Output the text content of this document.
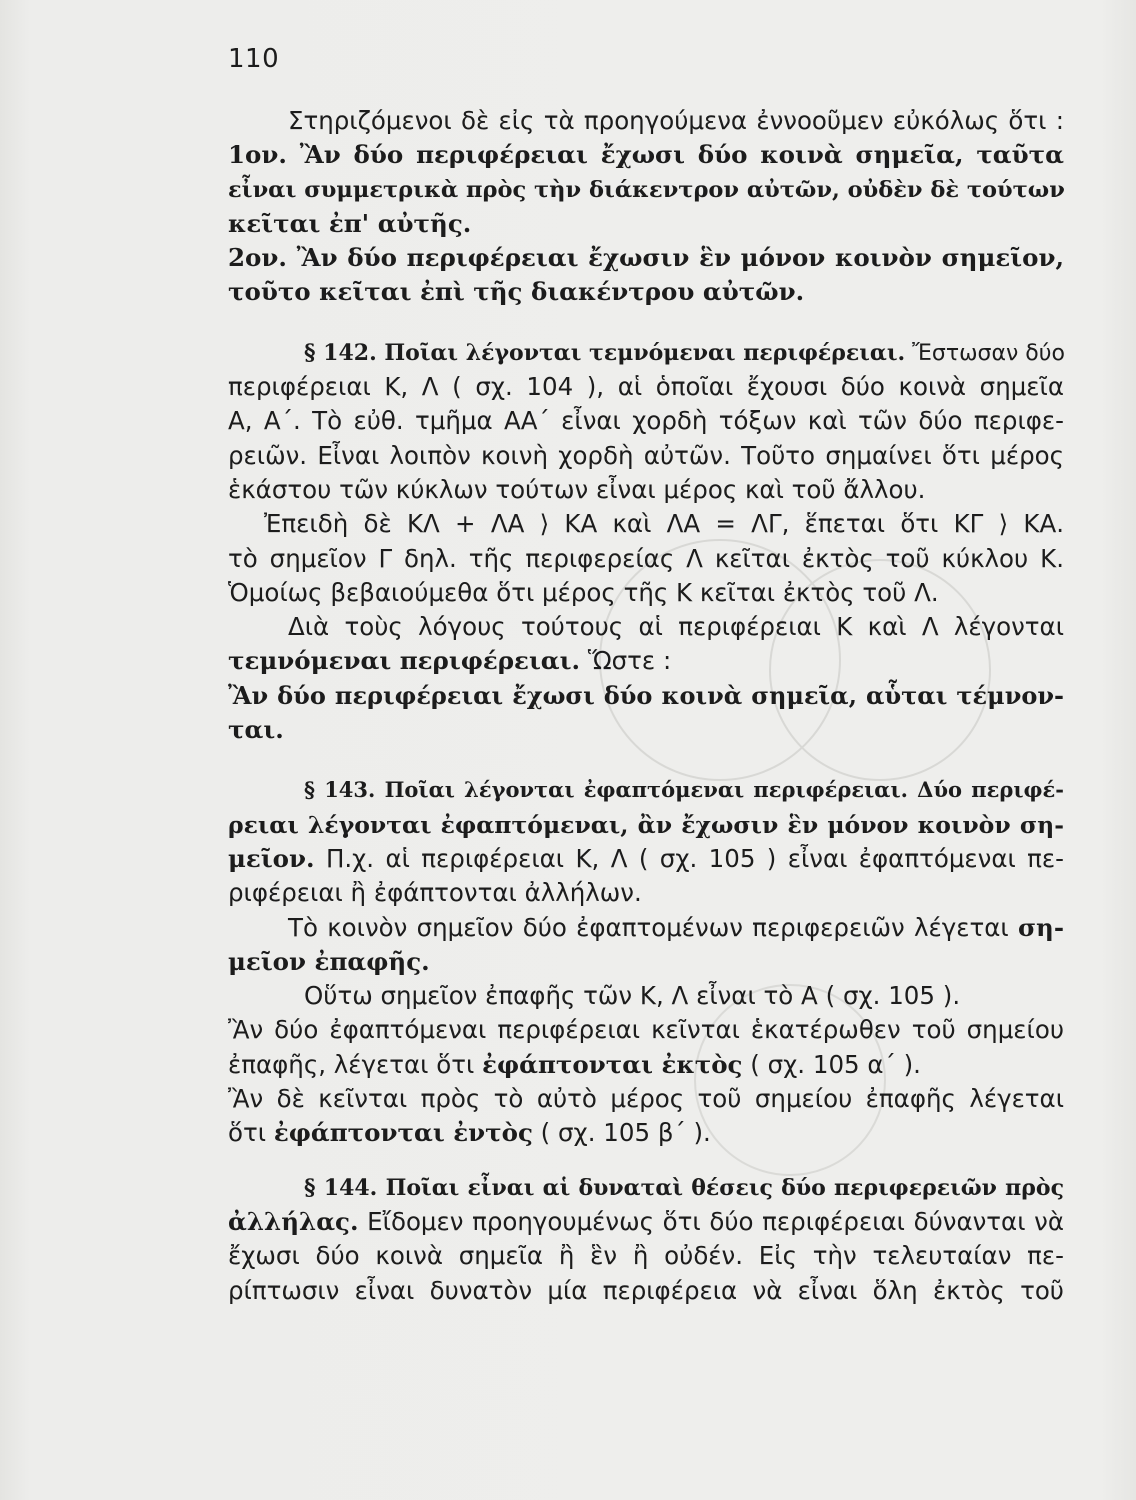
110
Στηριζόμενοι δὲ εἰς τὰ προηγούμενα ἐννοοῦμεν εὐκόλως ὅτι :
1ον. Ἂν δύο περιφέρειαι ἔχωσι δύο κοινὰ σημεῖα, ταῦτα
εἶναι συμμετρικὰ πρὸς τὴν διάκεντρον αὐτῶν, οὐδὲν δὲ τούτων
κεῖται ἐπ' αὐτῆς.
2ον. Ἂν δύο περιφέρειαι ἔχωσιν ἓν μόνον κοινὸν σημεῖον,
τοῦτο κεῖται ἐπὶ τῆς διακέντρου αὐτῶν.
§ 142. Ποῖαι λέγονται τεμνόμεναι περιφέρειαι. Ἔστωσαν δύο
περιφέρειαι Κ, Λ ( σχ. 104 ), αἱ ὁποῖαι ἔχουσι δύο κοινὰ σημεῖα
Α, Α΄. Τὸ εὐθ. τμῆμα ΑΑ΄ εἶναι χορδὴ τόξων καὶ τῶν δύο περιφε-
ρειῶν. Εἶναι λοιπὸν κοινὴ χορδὴ αὐτῶν. Τοῦτο σημαίνει ὅτι μέρος
ἑκάστου τῶν κύκλων τούτων εἶναι μέρος καὶ τοῦ ἄλλου.
Ἐπειδὴ δὲ ΚΛ + ΛΑ ⟩ ΚΑ καὶ ΛΑ = ΛΓ, ἕπεται ὅτι ΚΓ ⟩ ΚΑ.
τὸ σημεῖον Γ δηλ. τῆς περιφερείας Λ κεῖται ἐκτὸς τοῦ κύκλου Κ.
Ὁμοίως βεβαιούμεθα ὅτι μέρος τῆς Κ κεῖται ἐκτὸς τοῦ Λ.
Διὰ τοὺς λόγους τούτους αἱ περιφέρειαι Κ καὶ Λ λέγονται
τεμνόμεναι περιφέρειαι. Ὥστε :
Ἂν δύο περιφέρειαι ἔχωσι δύο κοινὰ σημεῖα, αὗται τέμνον-
ται.
§ 143. Ποῖαι λέγονται ἐφαπτόμεναι περιφέρειαι. Δύο περιφέ-
ρειαι λέγονται ἐφαπτόμεναι, ἂν ἔχωσιν ἓν μόνον κοινὸν ση-
μεῖον. Π.χ. αἱ περιφέρειαι Κ, Λ ( σχ. 105 ) εἶναι ἐφαπτόμεναι πε-
ριφέρειαι ἢ ἐφάπτονται ἀλλήλων.
Τὸ κοινὸν σημεῖον δύο ἐφαπτομένων περιφερειῶν λέγεται ση-
μεῖον ἐπαφῆς.
Οὕτω σημεῖον ἐπαφῆς τῶν Κ, Λ εἶναι τὸ Α ( σχ. 105 ).
Ἂν δύο ἐφαπτόμεναι περιφέρειαι κεῖνται ἑκατέρωθεν τοῦ σημείου
ἐπαφῆς, λέγεται ὅτι ἐφάπτονται ἐκτὸς ( σχ. 105 α΄ ).
Ἂν δὲ κεῖνται πρὸς τὸ αὐτὸ μέρος τοῦ σημείου ἐπαφῆς λέγεται
ὅτι ἐφάπτονται ἐντὸς ( σχ. 105 β΄ ).
§ 144. Ποῖαι εἶναι αἱ δυναταὶ θέσεις δύο περιφερειῶν πρὸς
ἀλλήλας. Εἴδομεν προηγουμένως ὅτι δύο περιφέρειαι δύνανται νὰ
ἔχωσι δύο κοινὰ σημεῖα ἢ ἓν ἢ οὐδέν. Εἰς τὴν τελευταίαν πε-
ρίπτωσιν εἶναι δυνατὸν μία περιφέρεια νὰ εἶναι ὅλη ἐκτὸς τοῦ
